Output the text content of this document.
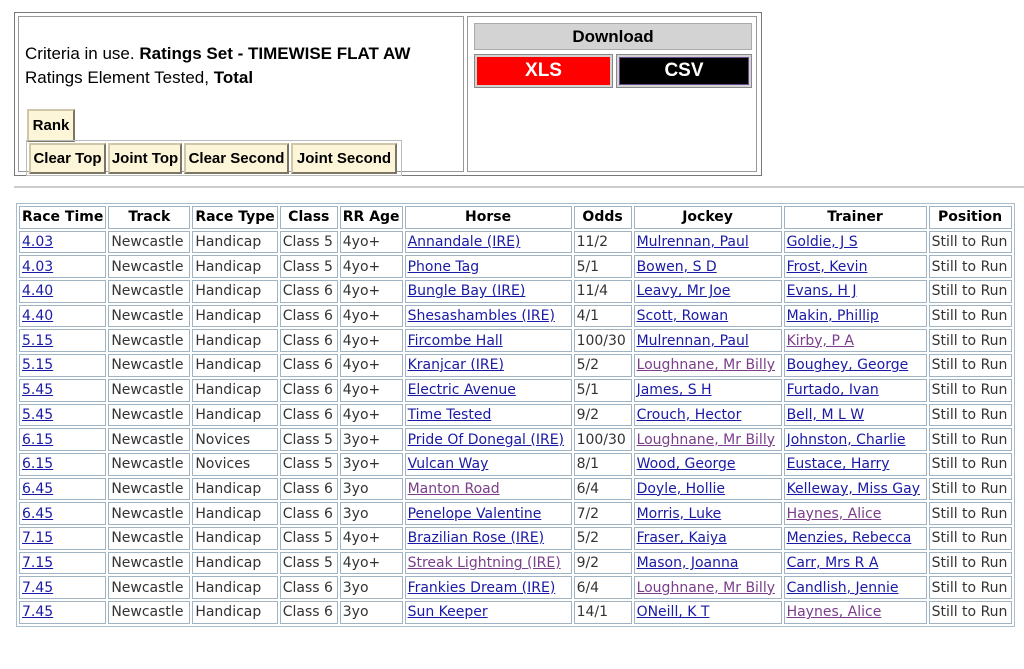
Criteria in use. Ratings Set - TIMEWISE FLAT AW
Ratings Element Tested, Total
Rank
Clear Top Joint Top Clear Second Joint Second
Download
XLS	CSV
Race Time	Track	Race Type	Class	RR Age	Horse	Odds	Jockey	Trainer	Position
4.03	Newcastle	Handicap	Class 5	4yo+	Annandale (IRE)	11/2	Mulrennan, Paul	Goldie, J S	Still to Run
4.03	Newcastle	Handicap	Class 5	4yo+	Phone Tag	5/1	Bowen, S D	Frost, Kevin	Still to Run
4.40	Newcastle	Handicap	Class 6	4yo+	Bungle Bay (IRE)	11/4	Leavy, Mr Joe	Evans, H J	Still to Run
4.40	Newcastle	Handicap	Class 6	4yo+	Shesashambles (IRE)	4/1	Scott, Rowan	Makin, Phillip	Still to Run
5.15	Newcastle	Handicap	Class 6	4yo+	Fircombe Hall	100/30	Mulrennan, Paul	Kirby, P A	Still to Run
5.15	Newcastle	Handicap	Class 6	4yo+	Kranjcar (IRE)	5/2	Loughnane, Mr Billy	Boughey, George	Still to Run
5.45	Newcastle	Handicap	Class 6	4yo+	Electric Avenue	5/1	James, S H	Furtado, Ivan	Still to Run
5.45	Newcastle	Handicap	Class 6	4yo+	Time Tested	9/2	Crouch, Hector	Bell, M L W	Still to Run
6.15	Newcastle	Novices	Class 5	3yo+	Pride Of Donegal (IRE)	100/30	Loughnane, Mr Billy	Johnston, Charlie	Still to Run
6.15	Newcastle	Novices	Class 5	3yo+	Vulcan Way	8/1	Wood, George	Eustace, Harry	Still to Run
6.45	Newcastle	Handicap	Class 6	3yo	Manton Road	6/4	Doyle, Hollie	Kelleway, Miss Gay	Still to Run
6.45	Newcastle	Handicap	Class 6	3yo	Penelope Valentine	7/2	Morris, Luke	Haynes, Alice	Still to Run
7.15	Newcastle	Handicap	Class 5	4yo+	Brazilian Rose (IRE)	5/2	Fraser, Kaiya	Menzies, Rebecca	Still to Run
7.15	Newcastle	Handicap	Class 5	4yo+	Streak Lightning (IRE)	9/2	Mason, Joanna	Carr, Mrs R A	Still to Run
7.45	Newcastle	Handicap	Class 6	3yo	Frankies Dream (IRE)	6/4	Loughnane, Mr Billy	Candlish, Jennie	Still to Run
7.45	Newcastle	Handicap	Class 6	3yo	Sun Keeper	14/1	ONeill, K T	Haynes, Alice	Still to Run
